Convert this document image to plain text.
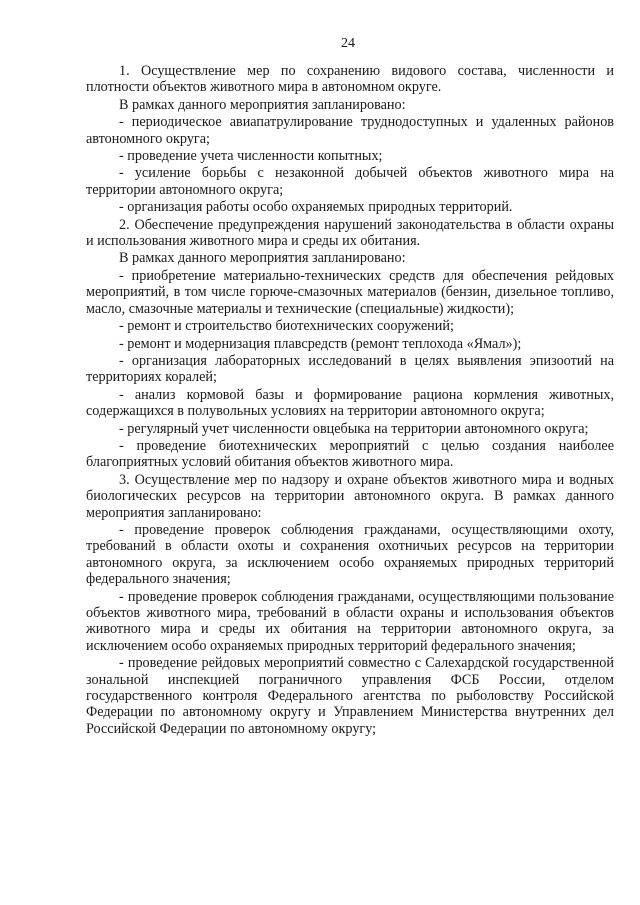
24

1. Осуществление мер по сохранению видового состава, численности и плотности объектов животного мира в автономном округе.

В рамках данного мероприятия запланировано:

- периодическое авиапатрулирование труднодоступных и удаленных районов автономного округа;

- проведение учета численности копытных;

- усиление борьбы с незаконной добычей объектов животного мира на территории автономного округа;

- организация работы особо охраняемых природных территорий.

2. Обеспечение предупреждения нарушений законодательства в области охраны и использования животного мира и среды их обитания.

В рамках данного мероприятия запланировано:

- приобретение материально-технических средств для обеспечения рейдовых мероприятий, в том числе горюче-смазочных материалов (бензин, дизельное топливо, масло, смазочные материалы и технические (специальные) жидкости);

- ремонт и строительство биотехнических сооружений;

- ремонт и модернизация плавсредств (ремонт теплохода «Ямал»);

- организация лабораторных исследований в целях выявления эпизоотий на территориях коралей;

- анализ кормовой базы и формирование рациона кормления животных, содержащихся в полувольных условиях на территории автономного округа;

- регулярный учет численности овцебыка на территории автономного округа;

- проведение биотехнических мероприятий с целью создания наиболее благоприятных условий обитания объектов животного мира.

3. Осуществление мер по надзору и охране объектов животного мира и водных биологических ресурсов на территории автономного округа. В рамках данного мероприятия запланировано:

- проведение проверок соблюдения гражданами, осуществляющими охоту, требований в области охоты и сохранения охотничьих ресурсов на территории автономного округа, за исключением особо охраняемых природных территорий федерального значения;

- проведение проверок соблюдения гражданами, осуществляющими пользование объектов животного мира, требований в области охраны и использования объектов животного мира и среды их обитания на территории автономного округа, за исключением особо охраняемых природных территорий федерального значения;

- проведение рейдовых мероприятий совместно с Салехардской государственной зональной инспекцией пограничного управления ФСБ России, отделом государственного контроля Федерального агентства по рыболовству Российской Федерации по автономному округу и Управлением Министерства внутренних дел Российской Федерации по автономному округу;
